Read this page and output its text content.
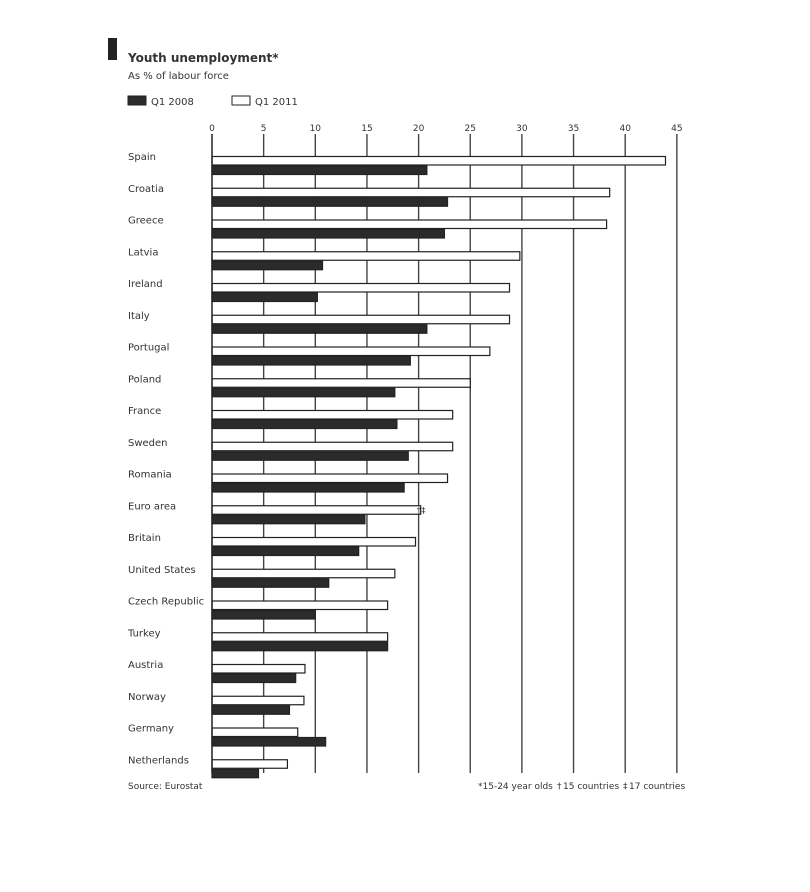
Youth unemployment*
As % of labour force
Q1 2008	Q1 2011
0	5	10	15	20	25	30	35	40	45
Spain
Croatia
Greece
Latvia
Ireland
Italy
Portugal
Poland
France
Sweden
Romania
Euro area
Britain
United States
Czech Republic
Turkey
Austria
Norway
Germany
Netherlands
†‡
Source: Eurostat	*15-24 year olds † 15 countries ‡ 17 countries
